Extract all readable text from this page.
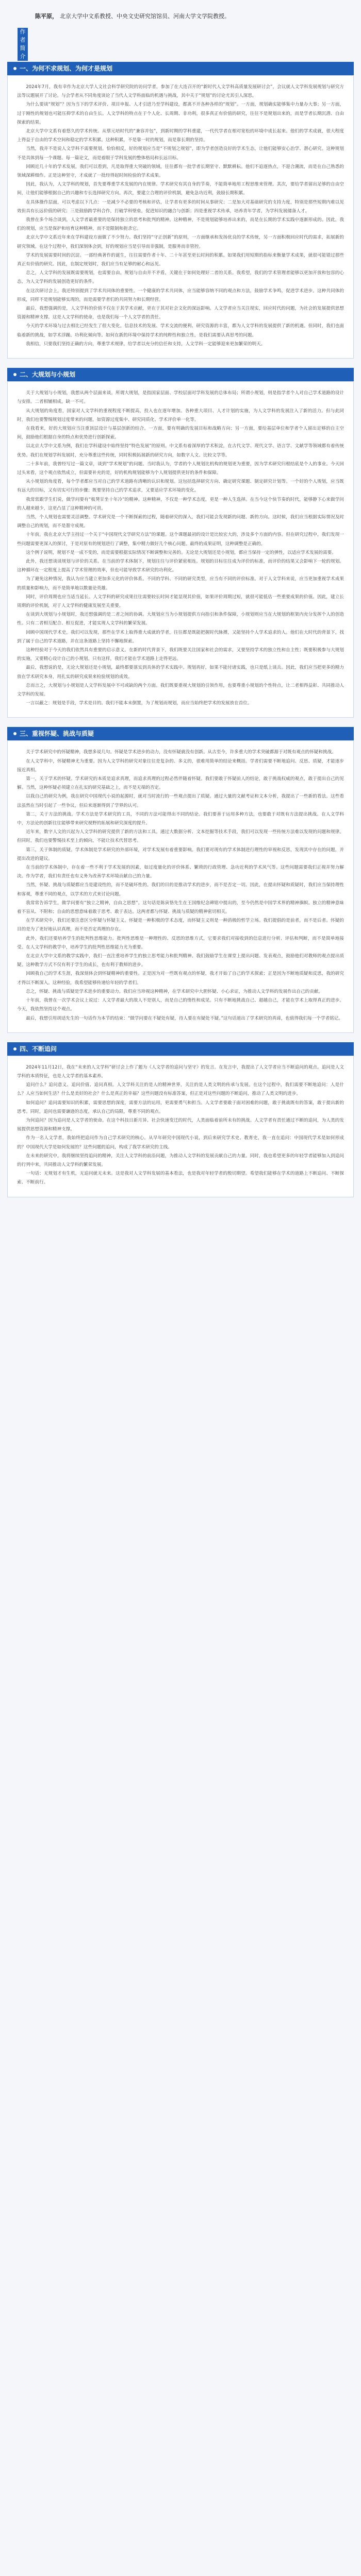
作
者
简
介
陈平原， 北京大学中文系教授、中央文史研究馆馆员、河南大学文学院教授。
一、为何不求规划、为何才是规划

2024年7月，我有幸作为北京大学人文社会科学研究院的访问学者，参加了在大连召开的“新时代人文学科高质量发展研讨会”，会议就人文学科发展规划与研究方法等议题展开了讨论。与会学者从不同角度谈论了当代人文学科面临的机遇与挑战，其中关于“规划”的讨论尤其引人深思。

为什么要谈“规划”？因为当下的学术评价、项目申报、人才引进乃至学科建设，都离不开各种各样的“规划”。一方面，规划确实能够集中力量办大事；另一方面，过于刚性的规划也可能压抑学术的自由生长。人文学科的特点在于个人化、长周期、非功利，很多真正有价值的研究，往往不是规划出来的，而是学者长期沉潜、自由探索的结果。

北京大学中文系有着悠久的学术传统。从蔡元培时代的“兼容并包”，到新时期的学科重建，一代代学者在相对宽松的环境中成长起来。他们的学术成就，很大程度上得益于自由的学术空间和稳定的学术积累。这种积累，不是靠一时的规划，而是靠长期的坚持。

当然，我并不是说人文学科不需要规划。恰恰相反，好的规划应当是“不规划之规划”，即为学者创造良好的学术生态，让他们能够安心治学、潜心研究。这种规划不是具体到每一个课题、每一篇论文，而是着眼于学科发展的整体格局和长远目标。

回顾近几十年的学术发展，我们可以看到，凡是取得重大突破的领域，往往都有一批学者长期坚守、默默耕耘。他们不追逐热点，不迎合潮流，而是在自己熟悉的领域深耕细作。正是这种坚守，才成就了一批经得起时间检验的学术成果。

因此，我认为，人文学科的规划，首先要尊重学术发展的内在规律。学术研究有其自身的节奏，不能简单地用工程思维来管理。其次，要给学者留出足够的自由空间，让他们能够根据自己的兴趣和专长选择研究方向。再次，要建立合理的评价机制，避免急功近利，鼓励长期积累。

在具体操作层面，可以考虑以下几点：一是减少不必要的考核和评估，让学者有更多的时间从事研究；二是加大对基础研究的支持力度，特别是那些短期内难以见效但具有长远价值的研究；三是鼓励跨学科合作，打破学科壁垒，促进知识的融合与创新；四是重视学术传承，培养青年学者，为学科发展储备人才。

我曾在多个场合谈到，人文学者最重要的是保持独立的思考和批判的精神。这种精神，不是规划能够培养出来的，而是在长期的学术实践中逐渐形成的。因此，我们的规划，应当是保护和培育这种精神，而不是限制和扼杀它。

北京大学中文系近年来在学科建设方面做了不少努力。我们坚持“守正创新”的原则，一方面继承和发扬优良的学术传统，另一方面积极回应时代的需求，拓展新的研究领域。在这个过程中，我们深刻体会到，好的规划应当是引导而非强制，是服务而非管控。

学术的发展需要时间的沉淀。一部经典著作的诞生，往往需要作者十年、二十年甚至更长时间的积累。如果我们用短期的指标来衡量学术成果，就很可能错过那些真正有价值的研究。因此，在制定规划时，我们应当有足够的耐心和远见。

总之，人文学科的发展既需要规划，也需要自由。规划与自由并不矛盾，关键在于如何处理好二者的关系。我希望，我们的学术管理者能够以更加开放和包容的心态，为人文学科的发展创造更好的条件。

在这次研讨会上，我还特别提到了学术共同体的重要性。一个健康的学术共同体，应当能够容纳不同的观点和方法，鼓励学术争鸣，促进学术进步。这种共同体的形成，同样不是规划能够实现的，而是需要学者们的共同努力和长期经营。

最后，我想强调的是，人文学科的价值不仅在于其学术贡献，更在于其对社会文化的深远影响。人文学者应当关注现实，回应时代的问题，为社会的发展提供思想资源和精神支撑。这是人文学科的使命，也是我们每一个人文学者的责任。

今天的学术环境与过去相比已经发生了很大变化。信息技术的发展、学术交流的便利、研究资源的丰富，都为人文学科的发展提供了新的机遇。但同时，我们也面临着新的挑战，如学术浮躁、功利化倾向等。如何在新的环境中保持学术的纯粹性和独立性，是我们需要认真思考的问题。

我相信，只要我们坚持正确的方向，尊重学术规律，给学者以充分的信任和支持，人文学科一定能够迎来更加繁荣的明天。

二、大规划与小规划

关于大规划与小规划，我想从两个层面来谈。所谓大规划，是指国家层面、学校层面对学科发展的总体布局；所谓小规划，则是指学者个人对自己学术道路的设计与安排。二者相辅相成，缺一不可。

从大规划的角度看，国家对人文学科的重视程度不断提高，投入也在逐年增加。各种重大项目、人才计划的实施，为人文学科的发展注入了新的活力。但与此同时，我们也要警惕规划过度带来的问题，如资源过度集中、研究同质化、学术评价单一化等。

在我看来，好的大规划应当注重顶层设计与基层创新的结合。一方面，要有明确的发展目标和战略方向；另一方面，要给基层单位和学者个人留出足够的自主空间，鼓励他们根据自身的特点和优势进行创新探索。

以北京大学中文系为例，我们在学科建设中始终坚持“特色发展”的原则。中文系有着深厚的学术积淀，在古代文学、现代文学、语言学、文献学等领域都有着传统优势。我们在规划学科发展时，充分尊重这些传统，同时积极拓展新的研究方向，如数字人文、比较文学等。

二十多年前，我曾经写过一篇文章，谈到“学术规划”的问题。当时我认为，学者的个人规划比机构的规划更为重要，因为学术研究归根结底是个人的事业。今天回过头来看，这个观点依然成立，但需要补充的是，好的机构规划能够为个人规划提供更好的条件和保障。

从小规划的角度看，每个学者都应当对自己的学术道路有清晰的认识和规划。这包括选择研究方向、确定研究课题、制定研究计划等。一个好的个人规划，应当既有远大的目标，又有切实可行的步骤；既要坚持自己的学术追求，又要适应学术环境的变化。

我常常跟学生们说，做学问要有“板凳甘坐十年冷”的精神。这种精神，不仅是一种学术态度，更是一种人生选择。在当今这个快节奏的时代，能够静下心来做学问的人越来越少，这更凸显了这种精神的可贵。

当然，个人规划也需要灵活调整。学术研究是一个不断探索的过程，随着研究的深入，我们可能会发现新的问题、新的方向。这时候，我们应当根据实际情况及时调整自己的规划，而不是墨守成规。

十年前，我在北京大学主持过一个关于“中国现代文学研究方法”的课题。这个课题最初的设计是比较宏大的，涉及多个方面的内容。但在研究过程中，我们发现一些问题需要更深入的探讨，于是对原有的规划进行了调整，集中精力做好几个核心问题。最终的成果证明，这种调整是正确的。

这个例子说明，规划不是一成不变的，而是需要根据实际情况不断调整和完善的。无论是大规划还是小规划，都应当保持一定的弹性，以适应学术发展的需要。

此外，我还想谈谈规划与评价的关系。在当前的学术体制下，规划往往与评价紧密相连。规划的目标往往成为评价的标准，而评价的结果又会影响下一轮的规划。这种循环在一定程度上提高了学术管理的效率，但也可能导致学术研究的功利化。

为了避免这种情况，我认为应当建立更加多元化的评价体系。不同的学科、不同的研究类型，应当有不同的评价标准。对于人文学科来说，应当更加重视学术成果的质量和影响力，而不是简单地以数量论英雄。

同时，评价周期也应当适当延长。人文学科的研究成果往往需要较长时间才能显现其价值，如果评价周期过短，就很可能低估一些重要成果的价值。因此，建立长周期的评价机制，对于人文学科的健康发展至关重要。

在谈到大规划与小规划时，我还想强调的是二者之间的协调。大规划应当为小规划提供方向指引和条件保障，小规划则应当在大规划的框架内充分发挥个人的创造性。只有二者相互配合、相互促进，才能实现人文学科的繁荣发展。

回顾中国现代学术史，我们可以发现，那些在学术上取得重大成就的学者，往往都是既能把握时代脉搏，又能坚持个人学术追求的人。他们在大时代的背景下，找到了属于自己的学术道路，并在这条道路上坚持不懈地探索。

这种经验对于今天的我们依然具有重要的启示意义。在新的时代背景下，我们既要关注国家和社会的需求，又要坚持学术的独立性和自主性；既要积极参与大规划的实施，又要精心设计自己的小规划。只有这样，我们才能在学术道路上走得更远。

最后，我想说的是，无论大规划还是小规划，最终都要落实到具体的学术实践中。规划再好，如果不能付诸实践，也只是纸上谈兵。因此，我们应当把更多的精力放在学术研究本身，用扎实的研究成果来检验规划的成效。

总而言之，大规划与小规划是人文学科发展中不可或缺的两个方面。我们既要重视大规划的引领作用，也要尊重小规划的个性特点，让二者相得益彰、共同推动人文学科的发展。

一言以蔽之：规划是手段，学术是目的。我们不能本末倒置，为了规划而规划，而应当始终把学术的发展放在首位。

三、重视怀疑、挑战与质疑

关于学术研究中的怀疑精神，我想多说几句。怀疑是学术进步的动力，没有怀疑就没有创新。从古至今，许多重大的学术突破都源于对既有观点的怀疑和挑战。

在人文学科中，怀疑精神尤为重要。因为人文学科的研究对象往往是复杂的、多义的，很难用简单的结论来概括。学者们需要不断地追问、反思、质疑，才能逐步接近真相。

第一，关于学术的怀疑。学术研究的本质是追求真理，而追求真理的过程必然伴随着怀疑。我们要敢于怀疑前人的结论，敢于挑战权威的观点，敢于提出自己的见解。当然，这种怀疑必须建立在扎实的研究基础之上，而不是无端的否定。

以我自己的研究为例，我在研究中国现代小说的起源时，就对当时流行的一些观点提出了质疑。通过大量的文献考证和文本分析，我提出了一些新的看法。这些看法虽然在当时引起了一些争议，但后来逐渐得到了学界的认可。

第二，关于方法的挑战。学术方法是学术研究的工具，不同的方法可能得出不同的结论。我们要善于运用多种方法，也要敢于对既有方法提出挑战。在人文学科中，方法论的创新往往能够带来研究视野的拓展和研究深度的提升。

近年来，数字人文的兴起为人文学科的研究提供了新的方法和工具。通过大数据分析、文本挖掘等技术手段，我们可以发现一些传统方法难以发现的问题和规律。但同时，我们也要警惕技术至上的倾向，不能让技术代替思考。

第三，关于体制的质疑。学术体制是学术研究的外部环境，对学术发展有着重要影响。我们要对现有的学术体制进行理性的审视和反思，发现其中存在的问题，并提出改进的建议。

在当前的学术体制中，存在着一些不利于学术发展的因素，如过度量化的评价体系、繁琐的行政管理、急功近利的学术风气等。这些问题需要我们正视并努力解决。作为学者，我们有责任也有义务为改善学术环境贡献自己的力量。

当然，怀疑、挑战与质疑都应当是建设性的，而不是破坏性的。我们的目的是推动学术的进步，而不是否定一切。因此，在提出怀疑和质疑时，我们应当保持理性和客观，尊重不同的观点，以学术的方式来讨论问题。

我常常告诉学生，做学问要有“独立之精神，自由之思想”。这句话是陈寅恪先生在王国维纪念碑铭中提出的，至今仍然是中国学术界的精神旗帜。独立的精神意味着不盲从、不附和；自由的思想意味着敢于思考、敢于表达。这两者都与怀疑、挑战与质疑的精神密切相关。

在学术研究中，我们还要注意区分怀疑与怀疑主义。怀疑是一种积极的学术态度，而怀疑主义则是一种消极的哲学立场。我们提倡的是前者，而不是后者。怀疑的目的是为了更好地认识真理，而不是否定真理的存在。

此外，我们还要培养学生的批判性思维能力。批判性思维是一种理性的、反思的思维方式，它要求我们对接收到的信息进行分析、评估和判断，而不是简单地接受。在人文学科的教学中，培养学生的批判性思维能力尤为重要。

在北京大学中文系的教学实践中，我们一直注重培养学生的独立思考能力和批判精神。我们鼓励学生在课堂上提出问题、发表观点，鼓励他们对教师的观点提出质疑。这种教学方式不仅有利于学生的成长，也有利于教师的进步。

回顾我自己的学术生涯，我深刻体会到怀疑精神的重要性。正是因为对一些既有观点的怀疑，我才开始了自己的学术探索；正是因为不断地质疑和反思，我的研究才得以不断深入。这种经验，我希望能够传递给年轻的学者们。

总之，怀疑、挑战与质疑是学术进步的重要动力。我们应当珍视这种精神，在学术研究中大胆怀疑、小心求证，为推动人文学科的发展作出自己的贡献。

十年前，我曾在一次学术会议上说过：人文学者最大的敌人不是别人，而是自己的惰性和成见。只有不断地挑战自己、超越自己，才能在学术上取得真正的进步。今天，我依然坚持这个观点。

最后，我想引用胡适先生的一句话作为本节的结束：“做学问要在不疑处有疑，待人要在有疑处不疑。”这句话道出了学术研究的真谛，也值得我们每一个学者铭记。

四、不断追问

2024年11月12日，我在“未来的人文学科”研讨会上作了题为《人文学者的追问与坚守》的发言。在发言中，我提出了人文学者应当不断追问的观点。追问是人文学科的本质特征，也是人文学者的基本素养。

追问什么？追问意义、追问价值、追问真相。人文学科关注的是人的精神世界，关注的是人类文明的传承与发展。在这个过程中，我们需要不断地追问：人是什么？人应当如何生活？什么是美好的社会？什么是真正的幸福？这些问题没有标准答案，但正是对这些问题的不断追问，推动了人类文明的进步。

如何追问？追问需要知识的积累，需要思想的深度，需要方法的运用，更需要勇气和担当。人文学者要敢于面对困难的问题，敢于挑战既有的答案，敢于提出新的思考。同时，追问也需要谦逊的态度，承认自己的局限，尊重不同的观点。

为何追问？因为追问是人文学者的使命。在这个科技日新月异、社会快速变迁的时代，人类面临着前所未有的挑战。人文学者有责任通过不断的追问，为人类的发展提供思想资源和精神支撑。

作为一名人文学者，我始终把追问作为自己学术研究的核心。从早年研究中国现代小说，到后来研究学术史、教育史，我一直在追问：中国现代学术是如何形成的？中国现代大学是如何发展的？这些问题的追问，构成了我学术研究的主线。

在未来的研究中，我将继续坚持追问的精神，关注人文学科的前沿问题，为推动人文学科的发展贡献自己的力量。同时，我也希望更多的年轻学者能够加入到追问的行列中来，共同推动人文学科的繁荣发展。

一句话：无规划才有生机，无追问就无未来。这是我对人文学科发展的基本看法，也是我对年轻学者的殷切期望。希望我们能够在学术的道路上不断追问、不断探索、不断前行。
